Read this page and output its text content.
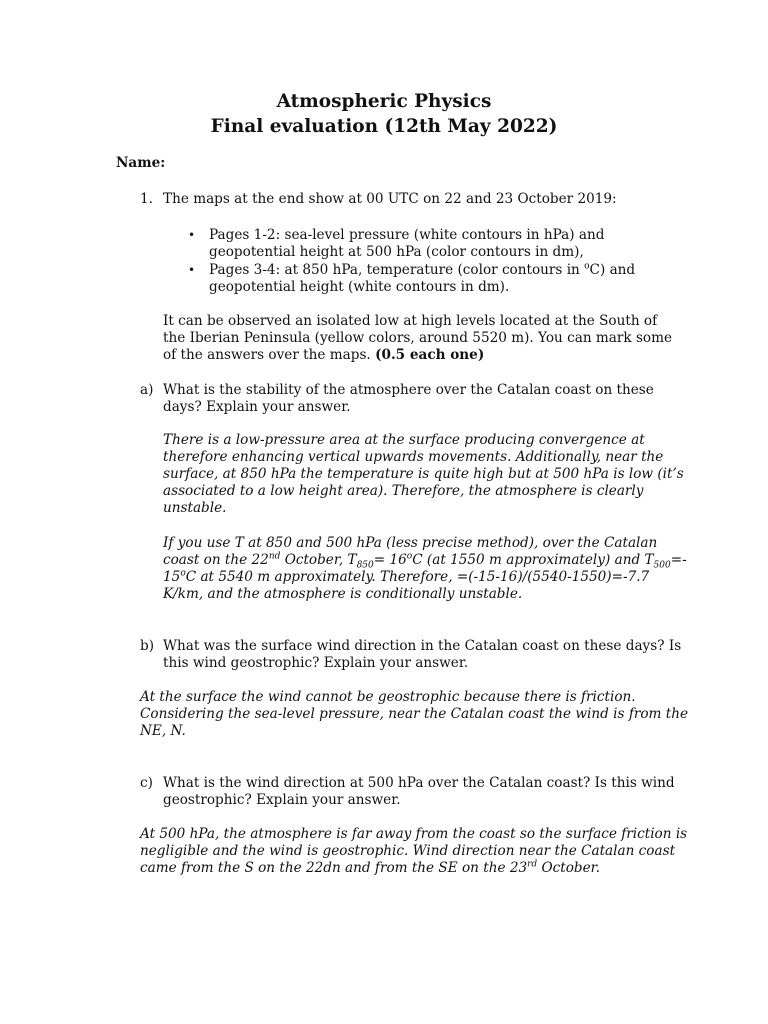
Atmospheric Physics
Final evaluation (12th May 2022)
Name:
1. The maps at the end show at 00 UTC on 22 and 23 October 2019:
• Pages 1-2: sea-level pressure (white contours in hPa) and
geopotential height at 500 hPa (color contours in dm),
• Pages 3-4: at 850 hPa, temperature (color contours in $^o$C) and
geopotential height (white contours in dm).
It can be observed an isolated low at high levels located at the South of
the Iberian Peninsula (yellow colors, around 5520 m). You can mark some
of the answers over the maps. (0.5 each one)
a) What is the stability of the atmosphere over the Catalan coast on these
days? Explain your answer.
There is a low-pressure area at the surface producing convergence at
therefore enhancing vertical upwards movements. Additionally, near the
surface, at 850 hPa the temperature is quite high but at 500 hPa is low (it’s
associated to a low height area). Therefore, the atmosphere is clearly
unstable.
If you use T at 850 and 500 hPa (less precise method), over the Catalan
coast on the 22nd October, $T_{850}= 16^oC$ (at 1550 m approximately) and $T_{500}=-$
15$^o$C at 5540 m approximately. Therefore, =(-15-16)/(5540-1550)=-7.7
K/km, and the atmosphere is conditionally unstable.
b) What was the surface wind direction in the Catalan coast on these days? Is
this wind geostrophic? Explain your answer.
At the surface the wind cannot be geostrophic because there is friction.
Considering the sea-level pressure, near the Catalan coast the wind is from the
NE, N.
c) What is the wind direction at 500 hPa over the Catalan coast? Is this wind
geostrophic? Explain your answer.
At 500 hPa, the atmosphere is far away from the coast so the surface friction is
negligible and the wind is geostrophic. Wind direction near the Catalan coast
came from the S on the 22dn and from the SE on the 23rd October.
